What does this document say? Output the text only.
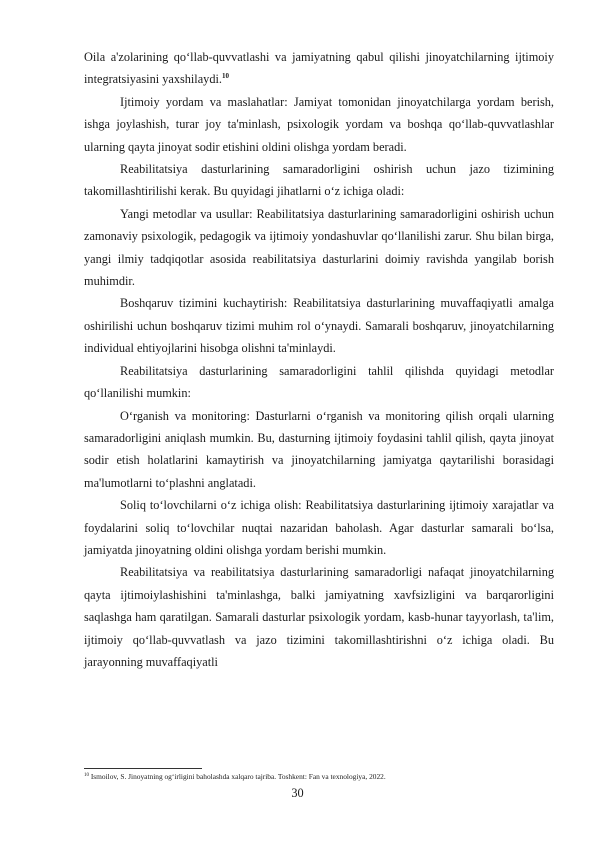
Oila a'zolarining qo‘llab-quvvatlashi va jamiyatning qabul qilishi jinoyatchilarning ijtimoiy integratsiyasini yaxshilaydi.$^{10}$

Ijtimoiy yordam va maslahatlar: Jamiyat tomonidan jinoyatchilarga yordam berish, ishga joylashish, turar joy ta'minlash, psixologik yordam va boshqa qo‘llab-quvvatlashlar ularning qayta jinoyat sodir etishini oldini olishga yordam beradi.

Reabilitatsiya dasturlarining samaradorligini oshirish uchun jazo tizimining takomillashtirilishi kerak. Bu quyidagi jihatlarni o‘z ichiga oladi:

Yangi metodlar va usullar: Reabilitatsiya dasturlarining samaradorligini oshirish uchun zamonaviy psixologik, pedagogik va ijtimoiy yondashuvlar qo‘llanilishi zarur. Shu bilan birga, yangi ilmiy tadqiqotlar asosida reabilitatsiya dasturlarini doimiy ravishda yangilab borish muhimdir.

Boshqaruv tizimini kuchaytirish: Reabilitatsiya dasturlarining muvaffaqiyatli amalga oshirilishi uchun boshqaruv tizimi muhim rol o‘ynaydi. Samarali boshqaruv, jinoyatchilarning individual ehtiyojlarini hisobga olishni ta'minlaydi.

Reabilitatsiya dasturlarining samaradorligini tahlil qilishda quyidagi metodlar qo‘llanilishi mumkin:

O‘rganish va monitoring: Dasturlarni o‘rganish va monitoring qilish orqali ularning samaradorligini aniqlash mumkin. Bu, dasturning ijtimoiy foydasini tahlil qilish, qayta jinoyat sodir etish holatlarini kamaytirish va jinoyatchilarning jamiyatga qaytarilishi borasidagi ma'lumotlarni to‘plashni anglatadi.

Soliq to‘lovchilarni o‘z ichiga olish: Reabilitatsiya dasturlarining ijtimoiy xarajatlar va foydalarini soliq to‘lovchilar nuqtai nazaridan baholash. Agar dasturlar samarali bo‘lsa, jamiyatda jinoyatning oldini olishga yordam berishi mumkin.

Reabilitatsiya va reabilitatsiya dasturlarining samaradorligi nafaqat jinoyatchilarning qayta ijtimoiylashishini ta'minlashga, balki jamiyatning xavfsizligini va barqarorligini saqlashga ham qaratilgan. Samarali dasturlar psixologik yordam, kasb-hunar tayyorlash, ta'lim, ijtimoiy qo‘llab-quvvatlash va jazo tizimini takomillashtirishni o‘z ichiga oladi. Bu jarayonning muvaffaqiyatli

$^{10}$ Ismoilov, S. Jinoyatning og‘irligini baholashda xalqaro tajriba. Toshkent: Fan va texnologiya, 2022.

30
